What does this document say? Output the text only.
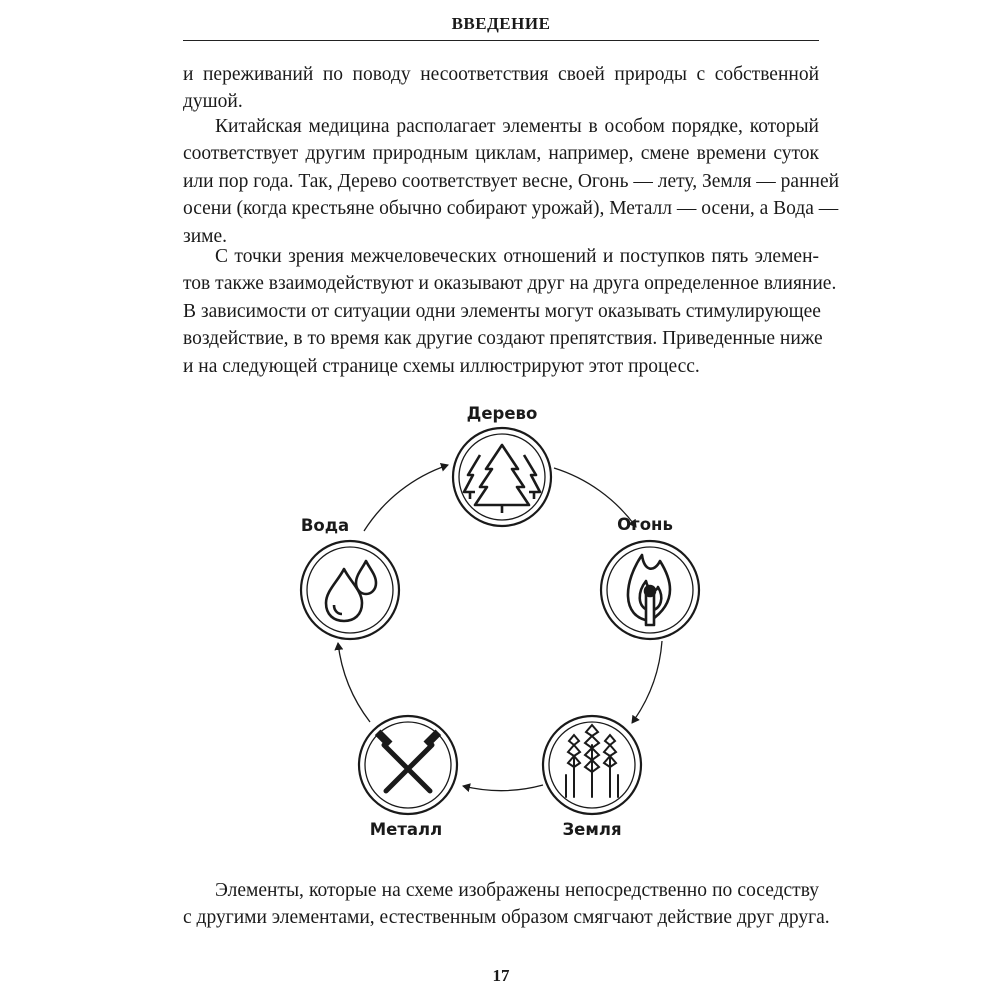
ВВЕДЕНИЕ
и переживаний по поводу несоответствия своей природы с собственной
душой.
Китайская медицина располагает элементы в особом порядке, который
соответствует другим природным циклам, например, смене времени суток
или пор года. Так, Дерево соответствует весне, Огонь — лету, Земля — ранней
осени (когда крестьяне обычно собирают урожай), Металл — осени, а Вода —
зиме.
С точки зрения межчеловеческих отношений и поступков пять элемен-
тов также взаимодействуют и оказывают друг на друга определенное влияние.
В зависимости от ситуации одни элементы могут оказывать стимулирующее
воздействие, в то время как другие создают препятствия. Приведенные ниже
и на следующей странице схемы иллюстрируют этот процесс.
Дерево
Огонь
Земля
Металл
Вода
Элементы, которые на схеме изображены непосредственно по соседству
с другими элементами, естественным образом смягчают действие друг друга.
17
